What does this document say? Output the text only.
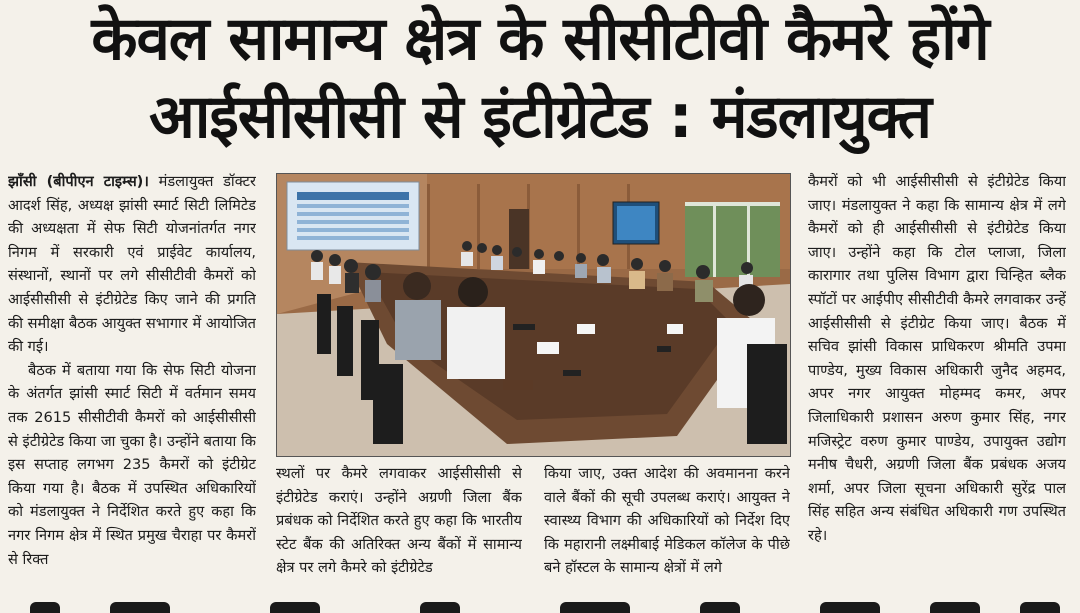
केवल सामान्य क्षेत्र के सीसीटीवी कैमरे होंगे
आईसीसीसी से इंटीग्रेटेड : मंडलायुक्त

झाँसी (बीपीएन टाइम्स)। मंडलायुक्त डॉक्टर आदर्श सिंह, अध्यक्ष झांसी स्मार्ट सिटी लिमिटेड की अध्यक्षता में सेफ सिटी योजनांतर्गत नगर निगम में सरकारी एवं प्राईवेट कार्यालय, संस्थानों, स्थानों पर लगे सीसीटीवी कैमरों को आईसीसीसी से इंटीग्रेटेड किए जाने की प्रगति की समीक्षा बैठक आयुक्त सभागार में आयोजित की गई।

बैठक में बताया गया कि सेफ सिटी योजना के अंतर्गत झांसी स्मार्ट सिटी में वर्तमान समय तक 2615 सीसीटीवी कैमरों को आईसीसीसी से इंटीग्रेटेड किया जा चुका है। उन्होंने बताया कि इस सप्ताह लगभग 235 कैमरों को इंटीग्रेट किया गया है। बैठक में उपस्थित अधिकारियों को मंडलायुक्त ने निर्देशित करते हुए कहा कि नगर निगम क्षेत्र में स्थित प्रमुख चैराहा पर कैमरों से रिक्त

स्थलों पर कैमरे लगवाकर आईसीसीसी से इंटीग्रेटेड कराएं। उन्होंने अग्रणी जिला बैंक प्रबंधक को निर्देशित करते हुए कहा कि भारतीय स्टेट बैंक की अतिरिक्त अन्य बैंकों में सामान्य क्षेत्र पर लगे कैमरे को इंटीग्रेटेड

किया जाए, उक्त आदेश की अवमानना करने वाले बैंकों की सूची उपलब्ध कराएं। आयुक्त ने स्वास्थ्य विभाग की अधिकारियों को निर्देश दिए कि महारानी लक्ष्मीबाई मेडिकल कॉलेज के पीछे बने हॉस्टल के सामान्य क्षेत्रों में लगे

कैमरों को भी आईसीसीसी से इंटीग्रेटेड किया जाए। मंडलायुक्त ने कहा कि सामान्य क्षेत्र में लगे कैमरों को ही आईसीसीसी से इंटीग्रेटेड किया जाए। उन्होंने कहा कि टोल प्लाजा, जिला कारागार तथा पुलिस विभाग द्वारा चिन्हित ब्लैक स्पॉटों पर आईपीए सीसीटीवी कैमरे लगवाकर उन्हें आईसीसीसी से इंटीग्रेट किया जाए। बैठक में सचिव झांसी विकास प्राधिकरण श्रीमति उपमा पाण्डेय, मुख्य विकास अधिकारी जुनैद अहमद, अपर नगर आयुक्त मोहम्मद कमर, अपर जिलाधिकारी प्रशासन अरुण कुमार सिंह, नगर मजिस्ट्रेट वरुण कुमार पाण्डेय, उपायुक्त उद्योग मनीष चैधरी, अग्रणी जिला बैंक प्रबंधक अजय शर्मा, अपर जिला सूचना अधिकारी सुरेंद्र पाल सिंह सहित अन्य संबंधित अधिकारी गण उपस्थित रहे।
